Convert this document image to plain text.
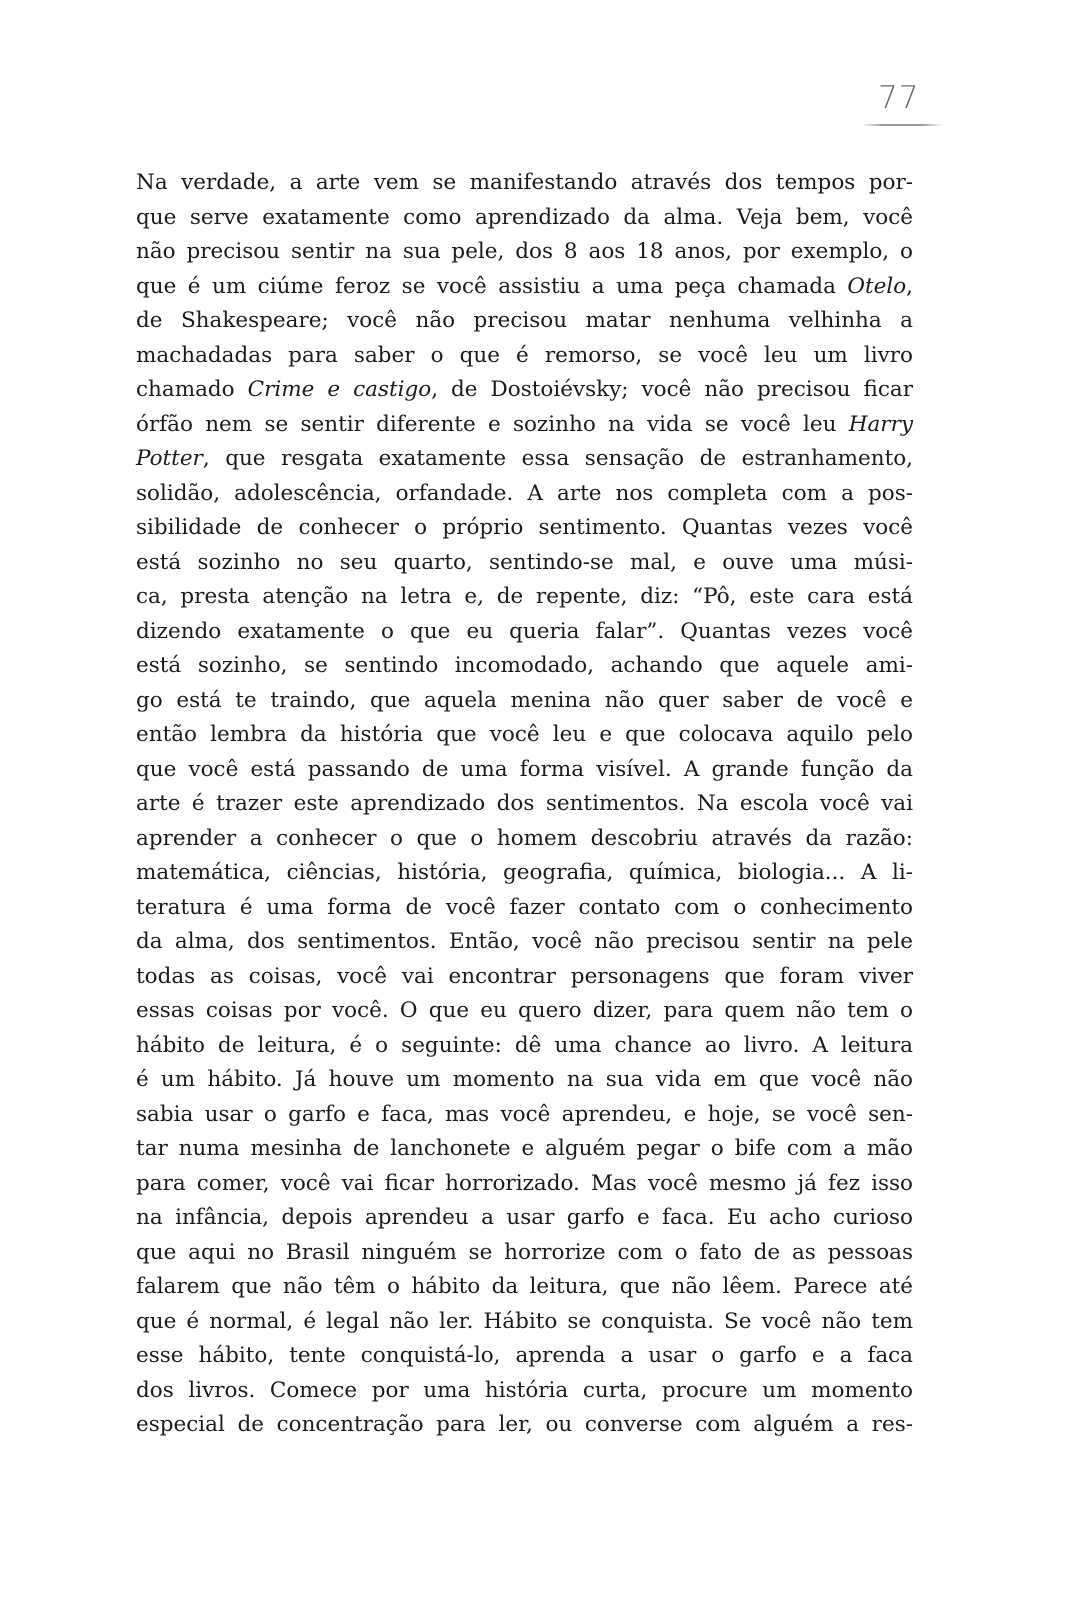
77
Na verdade, a arte vem se manifestando através dos tempos por-
que serve exatamente como aprendizado da alma. Veja bem, você
não precisou sentir na sua pele, dos 8 aos 18 anos, por exemplo, o
que é um ciúme feroz se você assistiu a uma peça chamada Otelo,
de Shakespeare; você não precisou matar nenhuma velhinha a
machadadas para saber o que é remorso, se você leu um livro
chamado Crime e castigo, de Dostoiévsky; você não precisou ficar
órfão nem se sentir diferente e sozinho na vida se você leu Harry
Potter, que resgata exatamente essa sensação de estranhamento,
solidão, adolescência, orfandade. A arte nos completa com a pos-
sibilidade de conhecer o próprio sentimento. Quantas vezes você
está sozinho no seu quarto, sentindo-se mal, e ouve uma músi-
ca, presta atenção na letra e, de repente, diz: “Pô, este cara está
dizendo exatamente o que eu queria falar”. Quantas vezes você
está sozinho, se sentindo incomodado, achando que aquele ami-
go está te traindo, que aquela menina não quer saber de você e
então lembra da história que você leu e que colocava aquilo pelo
que você está passando de uma forma visível. A grande função da
arte é trazer este aprendizado dos sentimentos. Na escola você vai
aprender a conhecer o que o homem descobriu através da razão:
matemática, ciências, história, geografia, química, biologia... A li-
teratura é uma forma de você fazer contato com o conhecimento
da alma, dos sentimentos. Então, você não precisou sentir na pele
todas as coisas, você vai encontrar personagens que foram viver
essas coisas por você. O que eu quero dizer, para quem não tem o
hábito de leitura, é o seguinte: dê uma chance ao livro. A leitura
é um hábito. Já houve um momento na sua vida em que você não
sabia usar o garfo e faca, mas você aprendeu, e hoje, se você sen-
tar numa mesinha de lanchonete e alguém pegar o bife com a mão
para comer, você vai ficar horrorizado. Mas você mesmo já fez isso
na infância, depois aprendeu a usar garfo e faca. Eu acho curioso
que aqui no Brasil ninguém se horrorize com o fato de as pessoas
falarem que não têm o hábito da leitura, que não lêem. Parece até
que é normal, é legal não ler. Hábito se conquista. Se você não tem
esse hábito, tente conquistá-lo, aprenda a usar o garfo e a faca
dos livros. Comece por uma história curta, procure um momento
especial de concentração para ler, ou converse com alguém a res-
